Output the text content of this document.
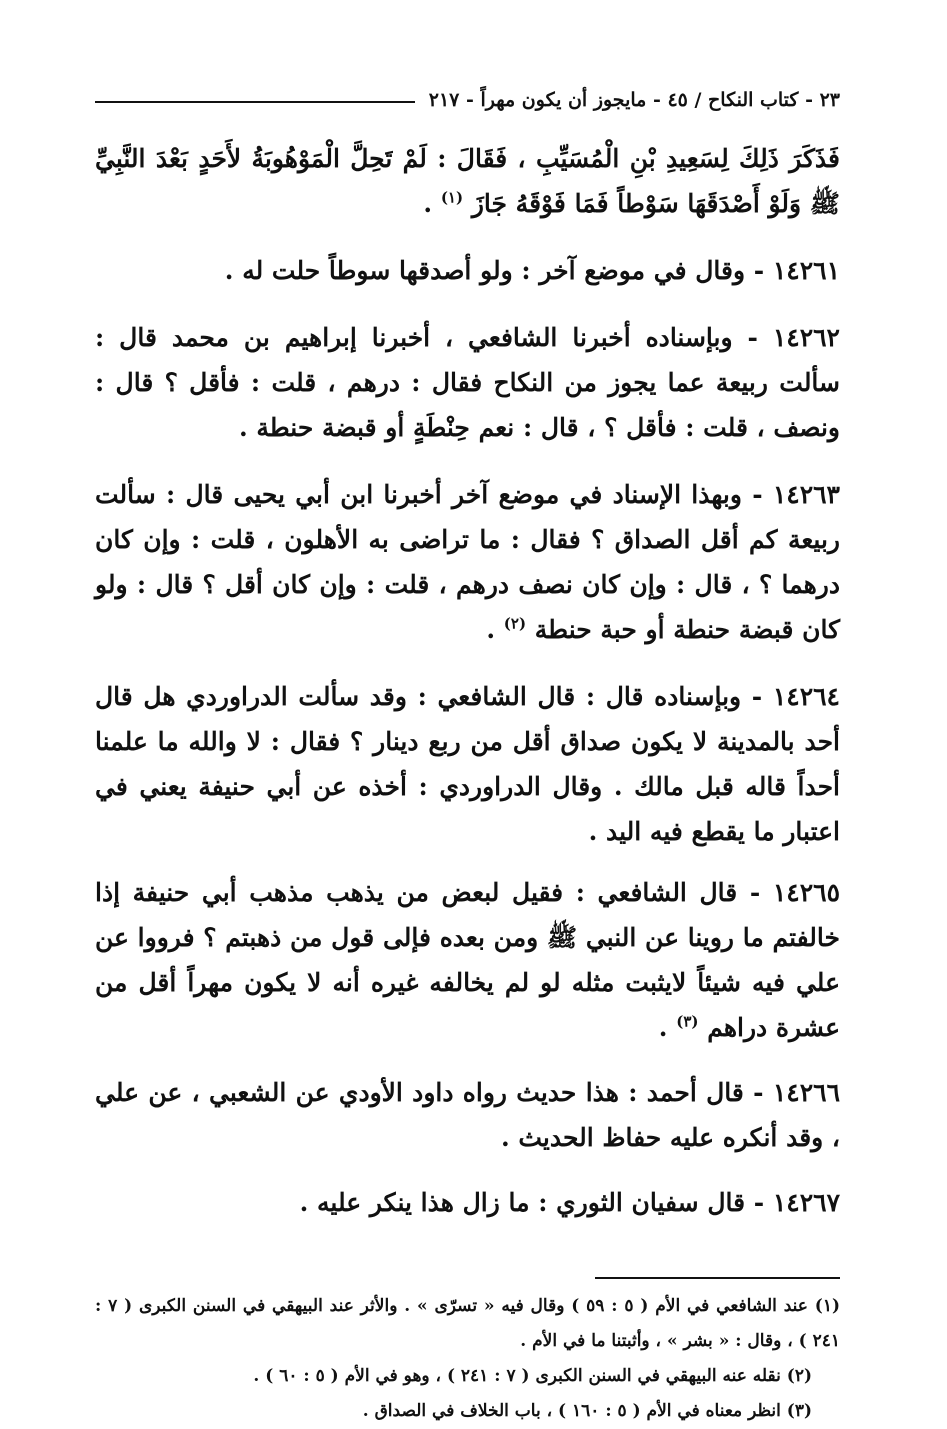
٢٣ - كتاب النكاح / ٤٥ - مايجوز أن يكون مهراً - ٢١٧

فَذَكَرَ ذَلِكَ لِسَعِيدِ بْنِ الْمُسَيِّبِ ، فَقَالَ : لَمْ تَحِلَّ الْمَوْهُوبَةُ لأَحَدٍ بَعْدَ النَّبِيِّ ﷺ وَلَوْ أَصْدَقَهَا سَوْطاً فَمَا فَوْقَهُ جَازَ $^{(١)}$ .

١٤٢٦١ - وقال في موضع آخر : ولو أصدقها سوطاً حلت له .

١٤٢٦٢ - وبإسناده أخبرنا الشافعي ، أخبرنا إبراهيم بن محمد قال : سألت ربيعة عما يجوز من النكاح فقال : درهم ، قلت : فأقل ؟ قال : ونصف ، قلت : فأقل ؟ ، قال : نعم حِنْطَةٍ أو قبضة حنطة .

١٤٢٦٣ - وبهذا الإسناد في موضع آخر أخبرنا ابن أبي يحيى قال : سألت ربيعة كم أقل الصداق ؟ فقال : ما تراضى به الأهلون ، قلت : وإن كان درهما ؟ ، قال : وإن كان نصف درهم ، قلت : وإن كان أقل ؟ قال : ولو كان قبضة حنطة أو حبة حنطة $^{(٢)}$ .

١٤٢٦٤ - وبإسناده قال : قال الشافعي : وقد سألت الدراوردي هل قال أحد بالمدينة لا يكون صداق أقل من ربع دينار ؟ فقال : لا والله ما علمنا أحداً قاله قبل مالك . وقال الدراوردي : أخذه عن أبي حنيفة يعني في اعتبار ما يقطع فيه اليد .

١٤٢٦٥ - قال الشافعي : فقيل لبعض من يذهب مذهب أبي حنيفة إذا خالفتم ما روينا عن النبي ﷺ ومن بعده فإلى قول من ذهبتم ؟ فرووا عن علي فيه شيئاً لايثبت مثله لو لم يخالفه غيره أنه لا يكون مهراً أقل من عشرة دراهم $^{(٣)}$ .

١٤٢٦٦ - قال أحمد : هذا حديث رواه داود الأودي عن الشعبي ، عن علي ، وقد أنكره عليه حفاظ الحديث .

١٤٢٦٧ - قال سفيان الثوري : ما زال هذا ينكر عليه .

(١) عند الشافعي في الأم ( ٥ : ٥٩ ) وقال فيه « تسرّى » . والأثر عند البيهقي في السنن الكبرى ( ٧ : ٢٤١ ) ، وقال : « بشر » ، وأثبتنا ما في الأم .

(٢) نقله عنه البيهقي في السنن الكبرى ( ٧ : ٢٤١ ) ، وهو في الأم ( ٥ : ٦٠ ) .

(٣) انظر معناه في الأم ( ٥ : ١٦٠ ) ، باب الخلاف في الصداق .
